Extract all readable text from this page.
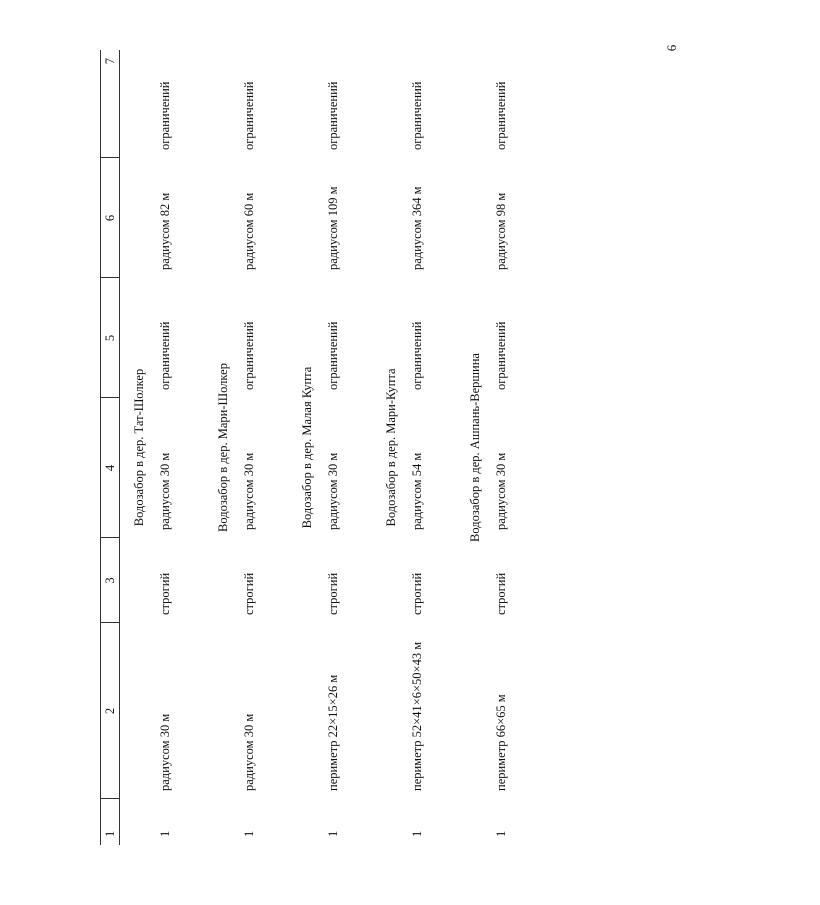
6
1	2	3	4	5	6	7
Водозабор в дер. Тат-Шолкер						
1	радиусом 30 м	строгий	радиусом 30 м	ограничений	радиусом 82 м	ограничений
Водозабор в дер. Мари-Шолкер						
1	радиусом 30 м	строгий	радиусом 30 м	ограничений	радиусом 60 м	ограничений
Водозабор в дер. Малая Купта						
1	периметр 22×15×26 м	строгий	радиусом 30 м	ограничений	радиусом 109 м	ограничений
Водозабор в дер. Мари-Купта						
1	периметр 52×41×6×50×43 м	строгий	радиусом 54 м	ограничений	радиусом 364 м	ограничений
Водозабор в дер. Ашпань-Вершина						
1	периметр 66×65 м	строгий	радиусом 30 м	ограничений	радиусом 98 м	ограничений
